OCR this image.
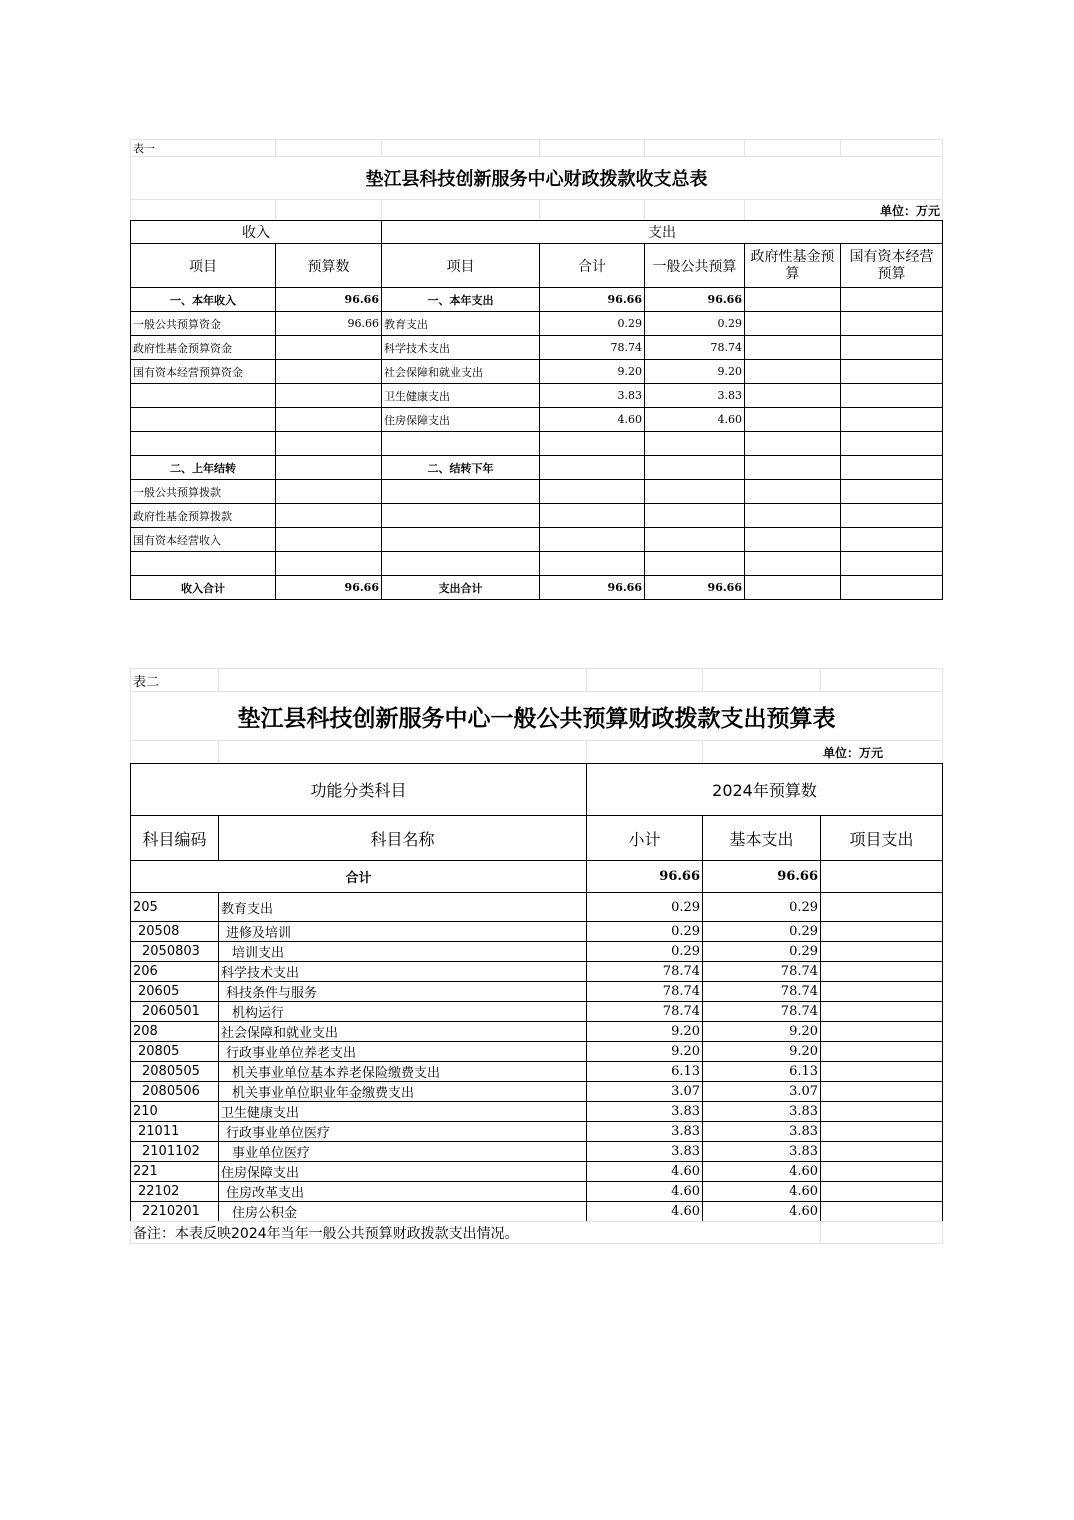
表一						
垫江县科技创新服务中心财政拨款收支总表						
					单位：万元	
收入		支出				
项目	预算数	项目	合计	一般公共预算	政府性基金预算	国有资本经营预算
一、本年收入	96.66	一、本年支出	96.66	96.66		
一般公共预算资金	96.66	教育支出	0.29	0.29		
政府性基金预算资金		科学技术支出	78.74	78.74		
国有资本经营预算资金		社会保障和就业支出	9.20	9.20		
		卫生健康支出	3.83	3.83		
		住房保障支出	4.60	4.60		

二、上年结转		二、结转下年				
一般公共预算拨款						
政府性基金预算拨款						
国有资本经营收入						

收入合计	96.66	支出合计	96.66	96.66		
表二				
垫江县科技创新服务中心一般公共预算财政拨款支出预算表				
			单位：万元	
功能分类科目		2024年预算数		
科目编码	科目名称	小计	基本支出	项目支出
合计		96.66	96.66	
205	教育支出	0.29	0.29	
20508	进修及培训	0.29	0.29	
2050803	培训支出	0.29	0.29	
206	科学技术支出	78.74	78.74	
20605	科技条件与服务	78.74	78.74	
2060501	机构运行	78.74	78.74	
208	社会保障和就业支出	9.20	9.20	
20805	行政事业单位养老支出	9.20	9.20	
2080505	机关事业单位基本养老保险缴费支出	6.13	6.13	
2080506	机关事业单位职业年金缴费支出	3.07	3.07	
210	卫生健康支出	3.83	3.83	
21011	行政事业单位医疗	3.83	3.83	
2101102	事业单位医疗	3.83	3.83	
221	住房保障支出	4.60	4.60	
22102	住房改革支出	4.60	4.60	
2210201	住房公积金	4.60	4.60	
备注：本表反映2024年当年一般公共预算财政拨款支出情况。	
